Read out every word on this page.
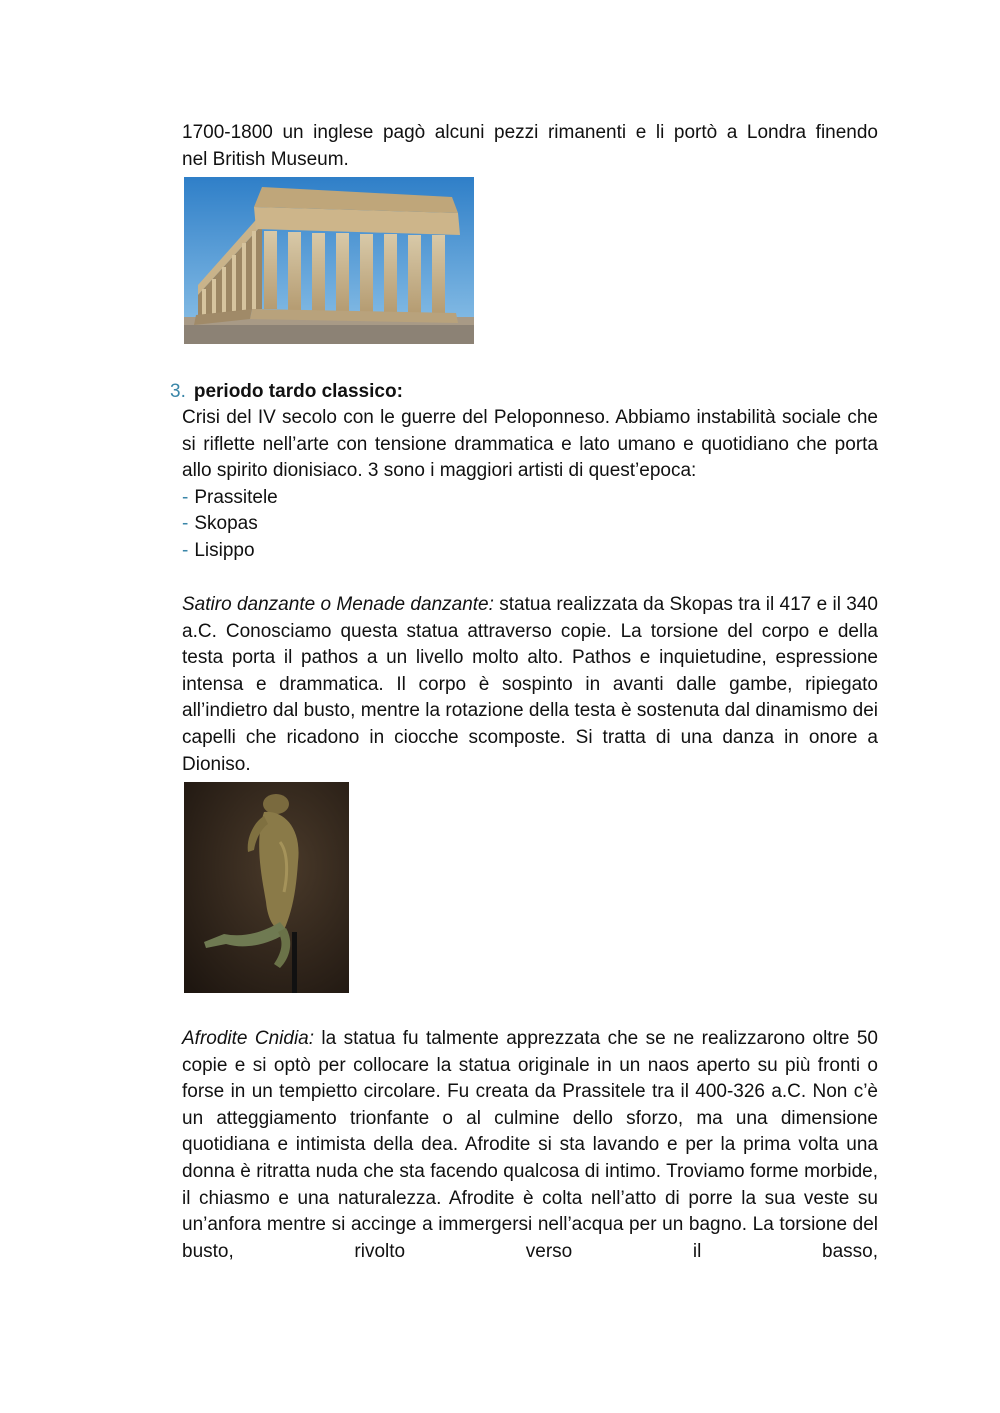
1700-1800 un inglese pagò alcuni pezzi rimanenti e li portò a Londra finendo

nel British Museum.

3. periodo tardo classico:

Crisi del IV secolo con le guerre del Peloponneso. Abbiamo instabilità sociale che si riflette nell’arte con tensione drammatica e lato umano e quotidiano che porta allo spirito dionisiaco. 3 sono i maggiori artisti di quest’epoca:

- Prassitele
- Skopas
- Lisippo

Satiro danzante o Menade danzante: statua realizzata da Skopas tra il 417 e il 340 a.C. Conosciamo questa statua attraverso copie. La torsione del corpo e della testa porta il pathos a un livello molto alto. Pathos e inquietudine, espressione intensa e drammatica. Il corpo è sospinto in avanti dalle gambe, ripiegato all’indietro dal busto, mentre la rotazione della testa è sostenuta dal dinamismo dei capelli che ricadono in ciocche scomposte. Si tratta di una danza in onore a Dioniso.

Afrodite Cnidia: la statua fu talmente apprezzata che se ne realizzarono oltre 50 copie e si optò per collocare la statua originale in un naos aperto su più fronti o forse in un tempietto circolare. Fu creata da Prassitele tra il 400-326 a.C. Non c’è un atteggiamento trionfante o al culmine dello sforzo, ma una dimensione quotidiana e intimista della dea. Afrodite si sta lavando e per la prima volta una donna è ritratta nuda che sta facendo qualcosa di intimo. Troviamo forme morbide, il chiasmo e una naturalezza. Afrodite è colta nell’atto di porre la sua veste su un’anfora mentre si accinge a immergersi nell’acqua per un bagno. La torsione del busto, rivolto verso il basso,
